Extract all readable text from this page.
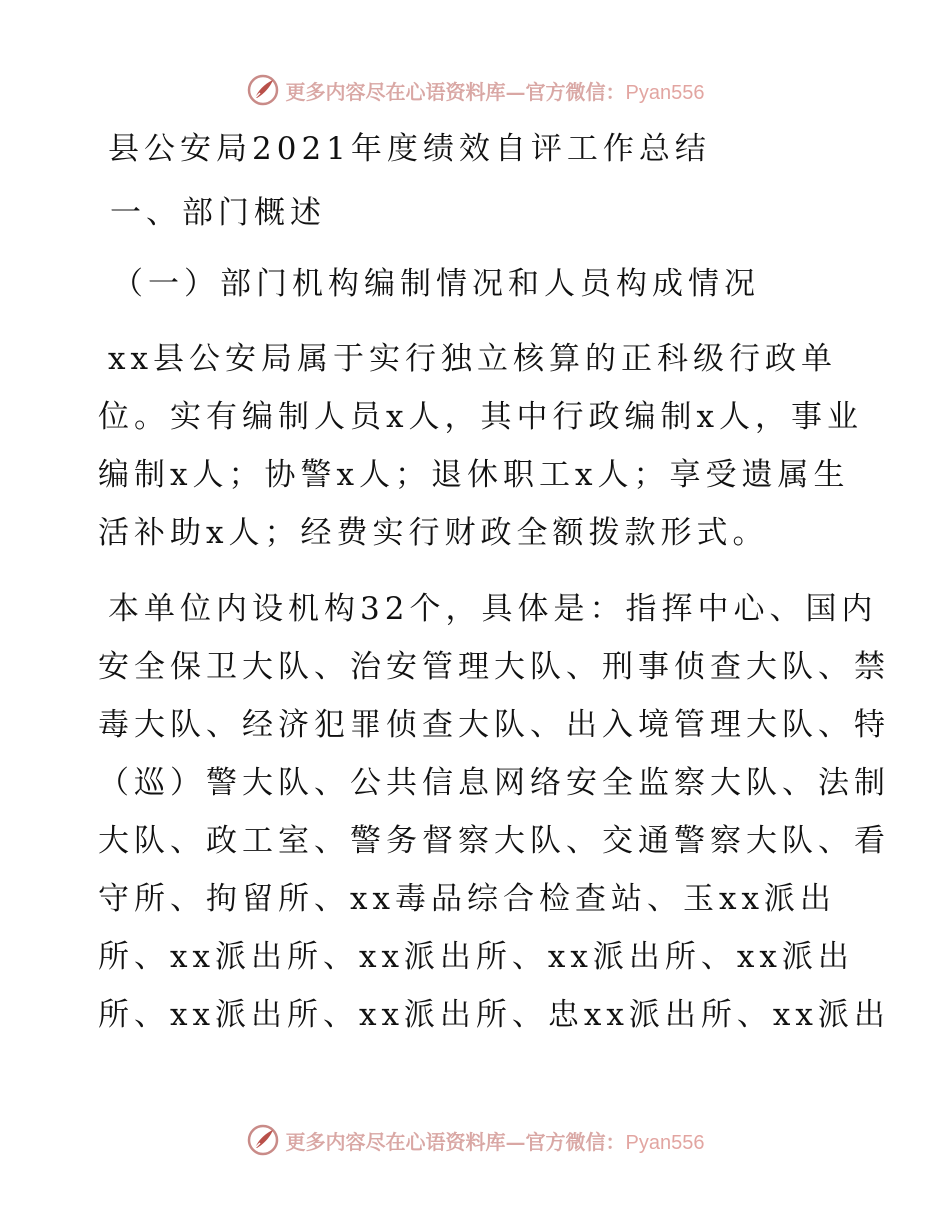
更多内容尽在心语资料库—官方微信：Pyan556

县公安局2021年度绩效自评工作总结

一、部门概述

（一）部门机构编制情况和人员构成情况

xx县公安局属于实行独立核算的正科级行政单

位。实有编制人员x人，其中行政编制x人，事业

编制x人；协警x人；退休职工x人；享受遗属生

活补助x人；经费实行财政全额拨款形式。

本单位内设机构32个，具体是：指挥中心、国内

安全保卫大队、治安管理大队、刑事侦查大队、禁

毒大队、经济犯罪侦查大队、出入境管理大队、特

（巡）警大队、公共信息网络安全监察大队、法制

大队、政工室、警务督察大队、交通警察大队、看

守所、拘留所、xx毒品综合检查站、玉xx派出

所、xx派出所、xx派出所、xx派出所、xx派出

所、xx派出所、xx派出所、忠xx派出所、xx派出

更多内容尽在心语资料库—官方微信：Pyan556
